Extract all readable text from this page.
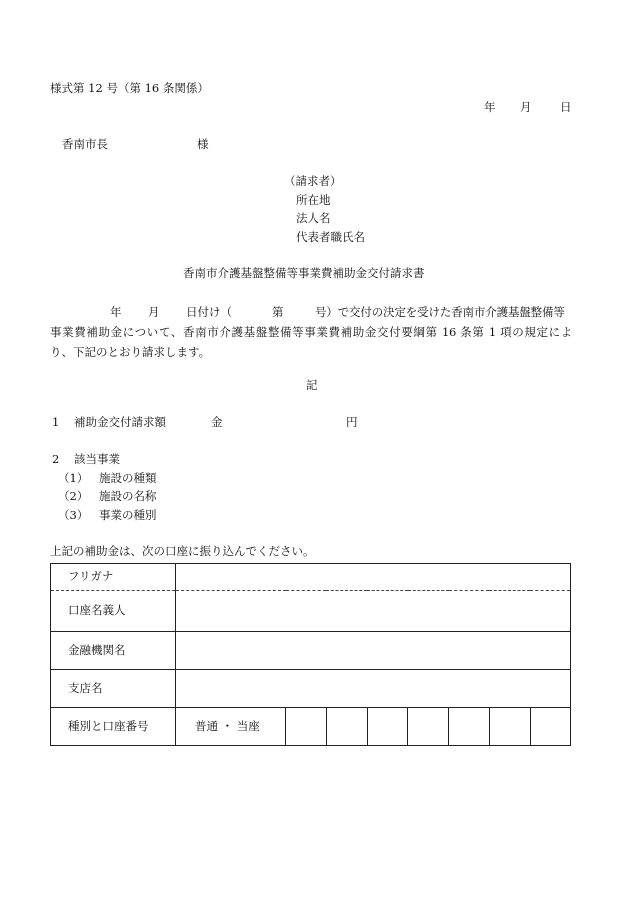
様式第 12 号（第 16 条関係）
年 月 日
香南市長	様
（請求者）
所在地
法人名
代表者職氏名
香南市介護基盤整備等事業費補助金交付請求書
年 月 日付け（	第	号）で交付の決定を受けた香南市介護基盤整備等
事業費補助金について、香南市介護基盤整備等事業費補助金交付要綱第 16 条第 1 項の規定によ
り、下記のとおり請求します。
記
1 補助金交付請求額	金	円
2 該当事業
（1） 施設の種類
（2） 施設の名称
（3） 事業の種別
上記の補助金は、次の口座に振り込んでください。
フリガナ								
口座名義人								
金融機関名								
支店名								
種別と口座番号	普通 ・ 当座							
